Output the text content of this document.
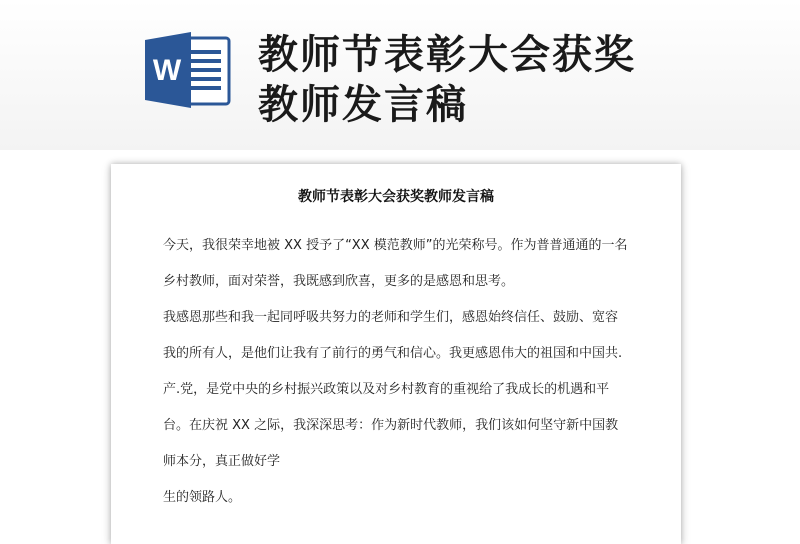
W 教师节表彰大会获奖
教师发言稿
教师节表彰大会获奖教师发言稿
今天，我很荣幸地被 XX 授予了“XX 模范教师”的光荣称号。作为普普通通的一名
乡村教师，面对荣誉，我既感到欣喜，更多的是感恩和思考。
我感恩那些和我一起同呼吸共努力的老师和学生们，感恩始终信任、鼓励、宽容
我的所有人，是他们让我有了前行的勇气和信心。我更感恩伟大的祖国和中国共.
产.党，是党中央的乡村振兴政策以及对乡村教育的重视给了我成长的机遇和平
台。在庆祝 XX 之际，我深深思考：作为新时代教师，我们该如何坚守新中国教
师本分，真正做好学
生的领路人。
